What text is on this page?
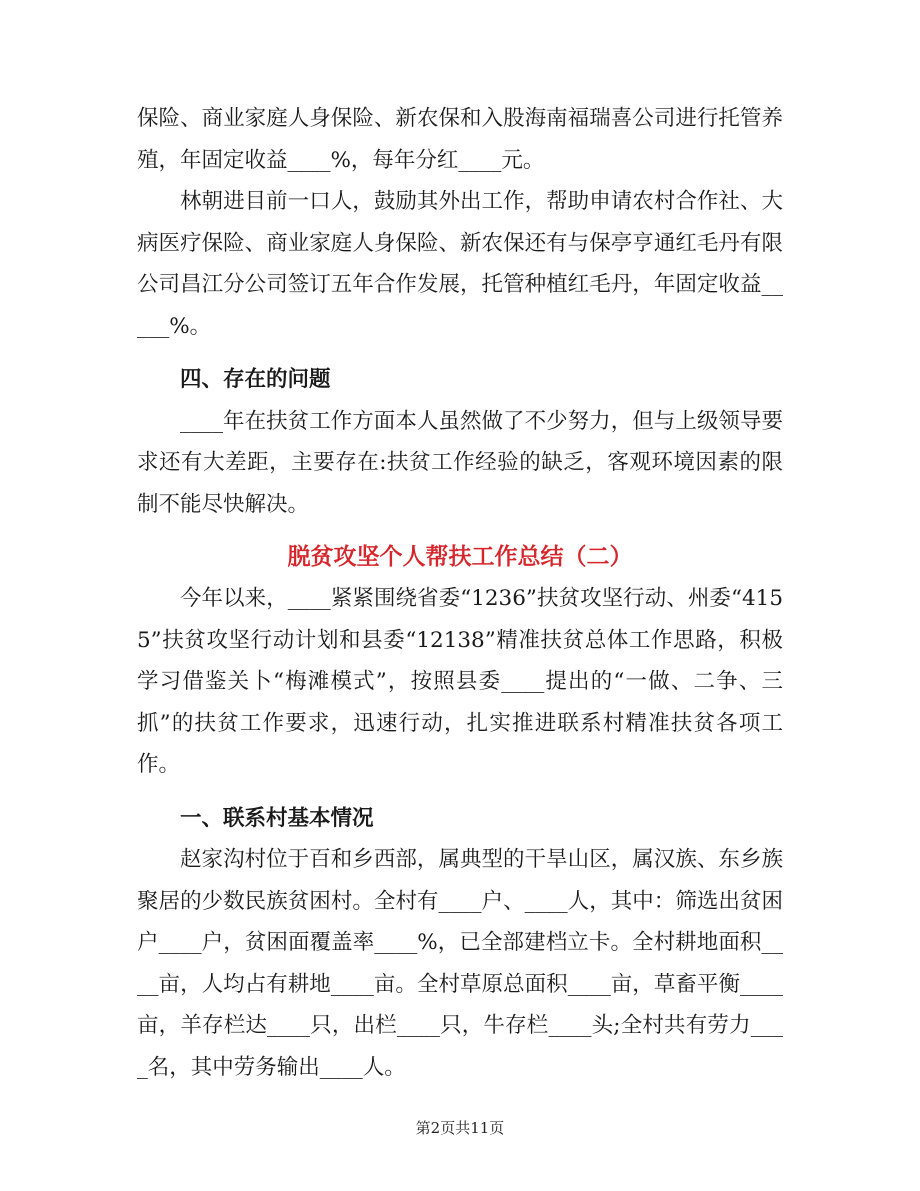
保险、商业家庭人身保险、新农保和入股海南福瑞喜公司进行托管养殖，年固定收益____%，每年分红____元。

林朝进目前一口人，鼓励其外出工作，帮助申请农村合作社、大病医疗保险、商业家庭人身保险、新农保还有与保亭亨通红毛丹有限公司昌江分公司签订五年合作发展，托管种植红毛丹，年固定收益_____%。

四、存在的问题

____年在扶贫工作方面本人虽然做了不少努力，但与上级领导要求还有大差距，主要存在:扶贫工作经验的缺乏，客观环境因素的限制不能尽快解决。

脱贫攻坚个人帮扶工作总结（二）

今年以来，____紧紧围绕省委“1236”扶贫攻坚行动、州委“4155”扶贫攻坚行动计划和县委“12138”精准扶贫总体工作思路，积极学习借鉴关卜“梅滩模式”，按照县委____提出的“一做、二争、三抓”的扶贫工作要求，迅速行动，扎实推进联系村精准扶贫各项工作。

一、联系村基本情况

赵家沟村位于百和乡西部，属典型的干旱山区，属汉族、东乡族聚居的少数民族贫困村。全村有____户、____人，其中：筛选出贫困户____户，贫困面覆盖率____%，已全部建档立卡。全村耕地面积____亩，人均占有耕地____亩。全村草原总面积____亩，草畜平衡____亩，羊存栏达____只，出栏____只，牛存栏____头;全村共有劳力____名，其中劳务输出____人。

第2页共11页
